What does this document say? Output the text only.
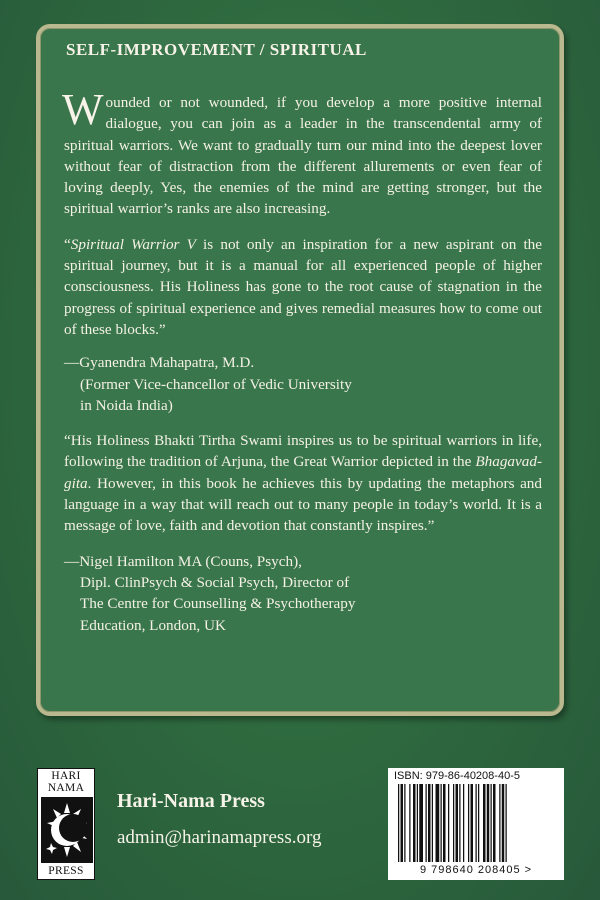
SELF-IMPROVEMENT / SPIRITUAL

Wounded or not wounded, if you develop a more positive internal dialogue, you can join as a leader in the transcendental army of spiritual warriors. We want to gradually turn our mind into the deepest lover without fear of distraction from the different allurements or even fear of loving deeply, Yes, the enemies of the mind are getting stronger, but the spiritual warrior’s ranks are also increasing.

“Spiritual Warrior V is not only an inspiration for a new aspirant on the spiritual journey, but it is a manual for all experienced people of higher consciousness. His Holiness has gone to the root cause of stagnation in the progress of spiritual experience and gives remedial measures how to come out of these blocks.”

—Gyanendra Mahapatra, M.D.
(Former Vice-chancellor of Vedic University
in Noida India)

“His Holiness Bhakti Tirtha Swami inspires us to be spiritual warriors in life, following the tradition of Arjuna, the Great Warrior depicted in the Bhagavad-gita. However, in this book he achieves this by updating the metaphors and language in a way that will reach out to many people in today’s world. It is a message of love, faith and devotion that constantly inspires.”

—Nigel Hamilton MA (Couns, Psych),
Dipl. ClinPsych & Social Psych, Director of
The Centre for Counselling & Psychotherapy
Education, London, UK

HARI
NAMA
PRESS
Hari-Nama Press
admin@harinamapress.org
ISBN: 979-86-40208-40-5
9 798640 208405 >
